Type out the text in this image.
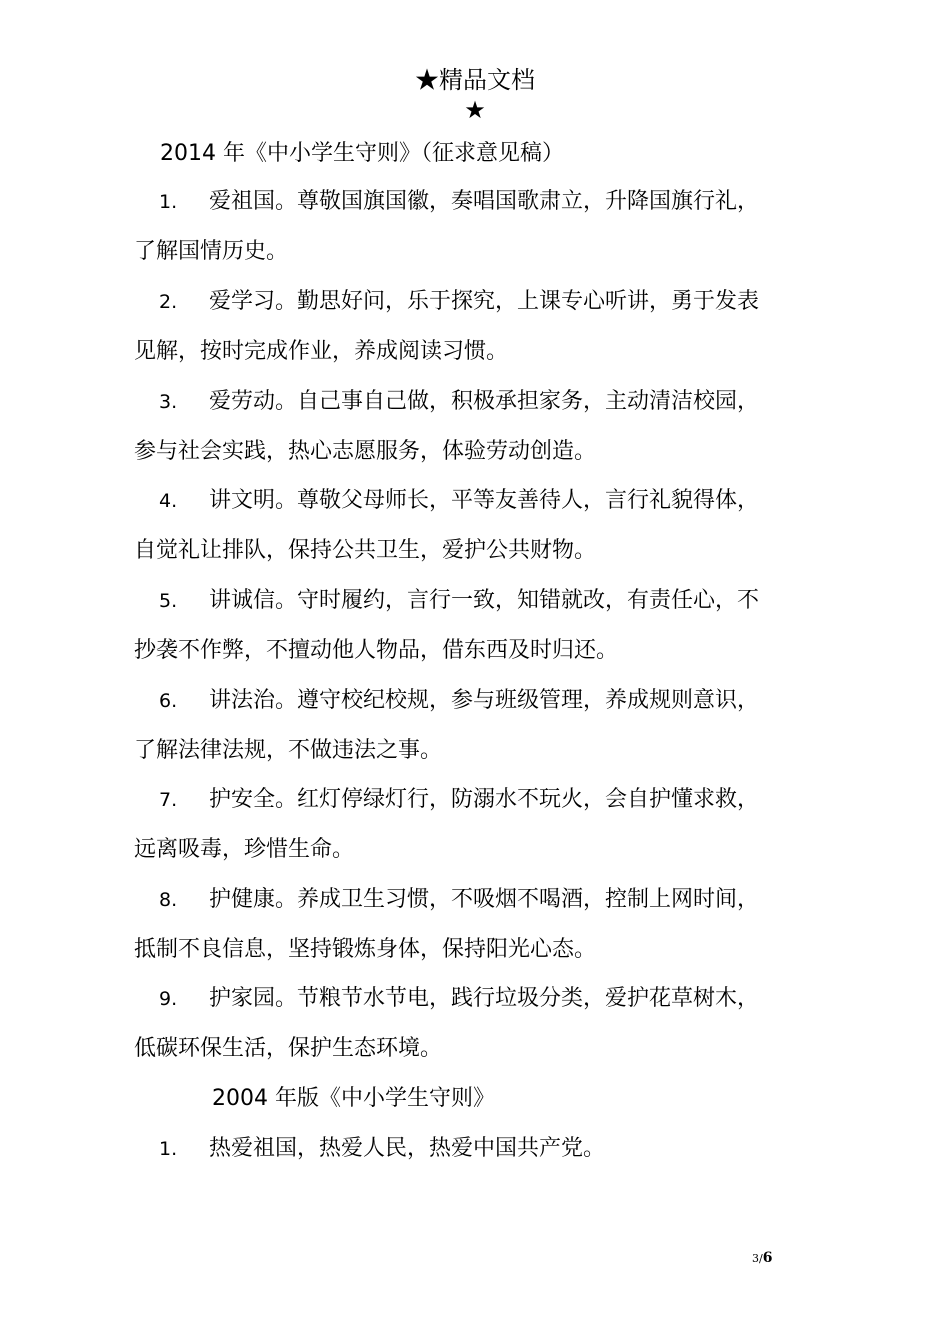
★精品文档
★
2014 年《中小学生守则》（征求意见稿）
1. 爱祖国。尊敬国旗国徽，奏唱国歌肃立，升降国旗行礼，
了解国情历史。
2. 爱学习。勤思好问，乐于探究，上课专心听讲，勇于发表
见解，按时完成作业，养成阅读习惯。
3. 爱劳动。自己事自己做，积极承担家务，主动清洁校园，
参与社会实践，热心志愿服务，体验劳动创造。
4. 讲文明。尊敬父母师长，平等友善待人，言行礼貌得体，
自觉礼让排队，保持公共卫生，爱护公共财物。
5. 讲诚信。守时履约，言行一致，知错就改，有责任心，不
抄袭不作弊，不擅动他人物品，借东西及时归还。
6. 讲法治。遵守校纪校规，参与班级管理，养成规则意识，
了解法律法规，不做违法之事。
7. 护安全。红灯停绿灯行，防溺水不玩火，会自护懂求救，
远离吸毒，珍惜生命。
8. 护健康。养成卫生习惯，不吸烟不喝酒，控制上网时间，
抵制不良信息，坚持锻炼身体，保持阳光心态。
9. 护家园。节粮节水节电，践行垃圾分类，爱护花草树木，
低碳环保生活，保护生态环境。
2004 年版《中小学生守则》
1. 热爱祖国，热爱人民，热爱中国共产党。
3/6
